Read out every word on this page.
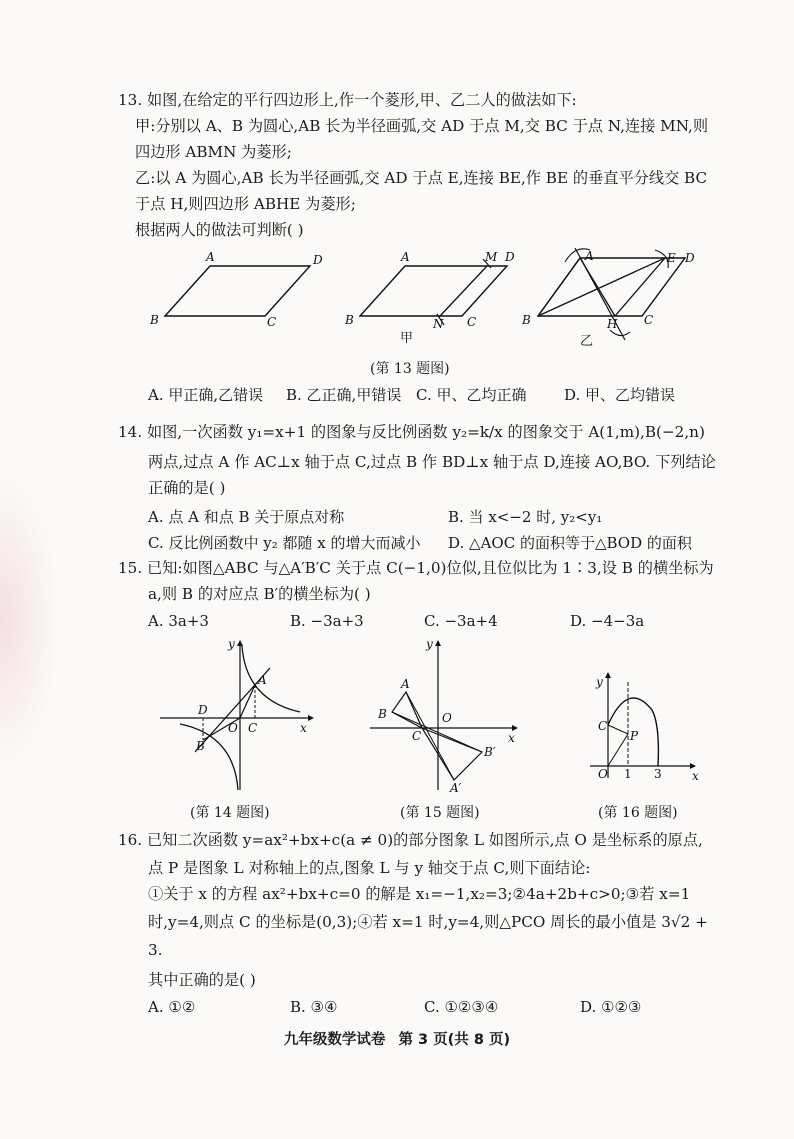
13. 如图,在给定的平行四边形上,作一个菱形,甲、乙二人的做法如下:
甲:分别以 A、B 为圆心,AB 长为半径画弧,交 AD 于点 M,交 BC 于点 N,连接 MN,则
四边形 ABMN 为菱形;
乙:以 A 为圆心,AB 长为半径画弧,交 AD 于点 E,连接 BE,作 BE 的垂直平分线交 BC
于点 H,则四边形 ABHE 为菱形;
根据两人的做法可判断( )
A	D
B	C
A	M D
B	N C
甲
A	E D
B	H C
乙
(第 13 题图)
A. 甲正确,乙错误 B. 乙正确,甲错误 C. 甲、乙均正确	D. 甲、乙均错误
14. 如图,一次函数 y₁=x+1 的图象与反比例函数 y₂=k/x 的图象交于 A(1,m),B(−2,n)
两点,过点 A 作 AC⊥x 轴于点 C,过点 B 作 BD⊥x 轴于点 D,连接 AO,BO. 下列结论
正确的是( )
A. 点 A 和点 B 关于原点对称	B. 当 x<−2 时, y₂<y₁
C. 反比例函数中 y₂ 都随 x 的增大而减小 D. △AOC 的面积等于△BOD 的面积
15. 已知:如图△ABC 与△A′B′C 关于点 C(−1,0)位似,且位似比为 1∶3,设 B 的横坐标为
a,则 B 的对应点 B′的横坐标为( )
A. 3a+3	B. −3a+3	C. −3a+4	D. −4−3a
y
x
A
B
C
D
O
(第 14 题图)
y
x
A
B
C
O
B′
A′
(第 15 题图)
y
x
C
P
O 1 3
(第 16 题图)
16. 已知二次函数 y=ax²+bx+c(a ≠ 0)的部分图象 L 如图所示,点 O 是坐标系的原点,
点 P 是图象 L 对称轴上的点,图象 L 与 y 轴交于点 C,则下面结论:
①关于 x 的方程 ax²+bx+c=0 的解是 x₁=−1,x₂=3;②4a+2b+c>0;③若 x=1
时,y=4,则点 C 的坐标是(0,3);④若 x=1 时,y=4,则△PCO 周长的最小值是 3√2 +
3.
其中正确的是( )
A. ①②	B. ③④	C. ①②③④	D. ①②③
九年级数学试卷 第 3 页(共 8 页)
